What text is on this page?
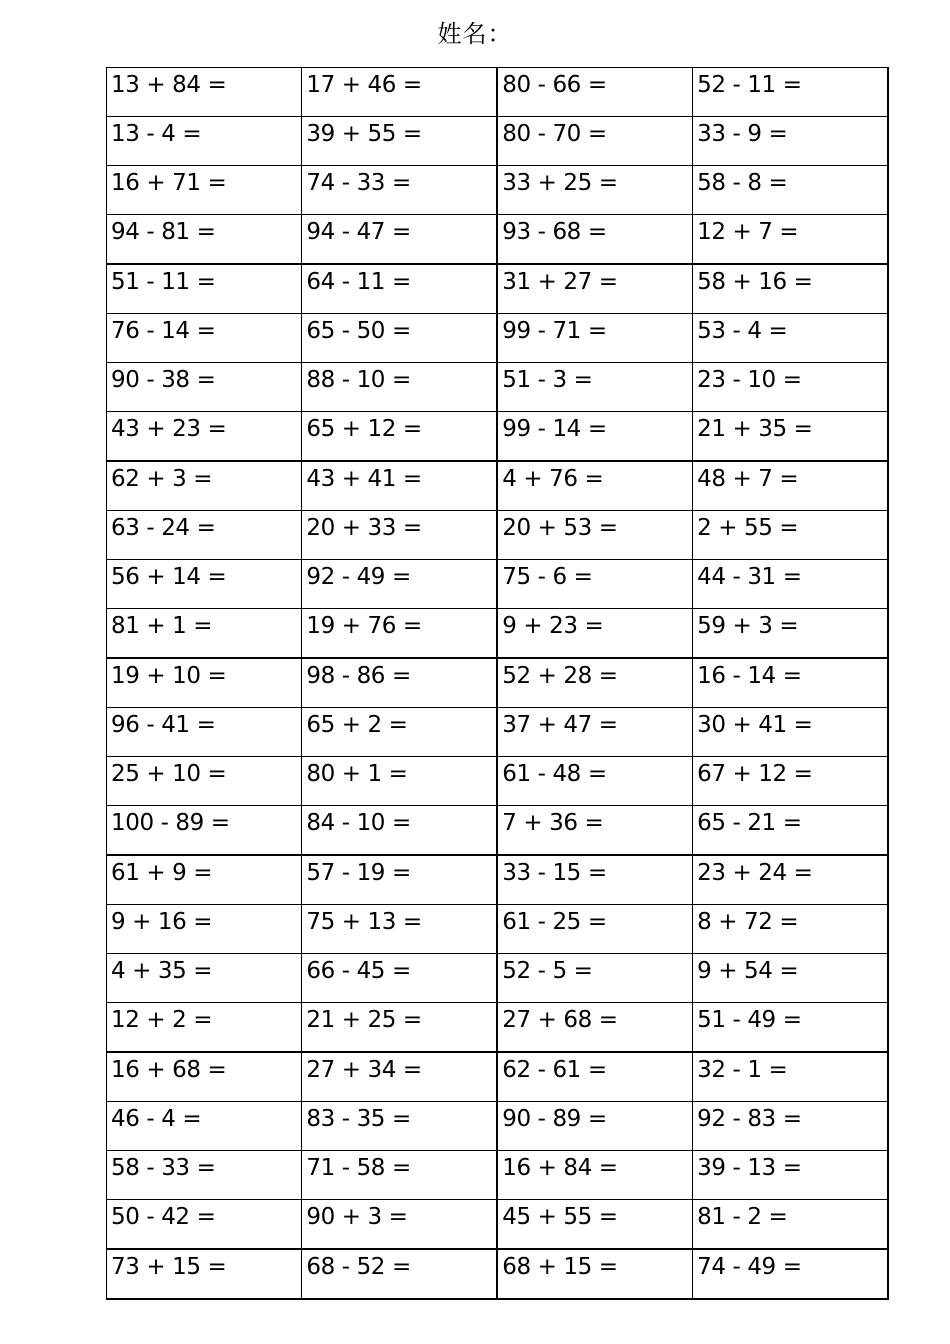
姓名：
13 + 84 =	17 + 46 =	80 - 66 =	52 - 11 =
13 - 4 =	39 + 55 =	80 - 70 =	33 - 9 =
16 + 71 =	74 - 33 =	33 + 25 =	58 - 8 =
94 - 81 =	94 - 47 =	93 - 68 =	12 + 7 =
51 - 11 =	64 - 11 =	31 + 27 =	58 + 16 =
76 - 14 =	65 - 50 =	99 - 71 =	53 - 4 =
90 - 38 =	88 - 10 =	51 - 3 =	23 - 10 =
43 + 23 =	65 + 12 =	99 - 14 =	21 + 35 =
62 + 3 =	43 + 41 =	4 + 76 =	48 + 7 =
63 - 24 =	20 + 33 =	20 + 53 =	2 + 55 =
56 + 14 =	92 - 49 =	75 - 6 =	44 - 31 =
81 + 1 =	19 + 76 =	9 + 23 =	59 + 3 =
19 + 10 =	98 - 86 =	52 + 28 =	16 - 14 =
96 - 41 =	65 + 2 =	37 + 47 =	30 + 41 =
25 + 10 =	80 + 1 =	61 - 48 =	67 + 12 =
100 - 89 =	84 - 10 =	7 + 36 =	65 - 21 =
61 + 9 =	57 - 19 =	33 - 15 =	23 + 24 =
9 + 16 =	75 + 13 =	61 - 25 =	8 + 72 =
4 + 35 =	66 - 45 =	52 - 5 =	9 + 54 =
12 + 2 =	21 + 25 =	27 + 68 =	51 - 49 =
16 + 68 =	27 + 34 =	62 - 61 =	32 - 1 =
46 - 4 =	83 - 35 =	90 - 89 =	92 - 83 =
58 - 33 =	71 - 58 =	16 + 84 =	39 - 13 =
50 - 42 =	90 + 3 =	45 + 55 =	81 - 2 =
73 + 15 =	68 - 52 =	68 + 15 =	74 - 49 =
